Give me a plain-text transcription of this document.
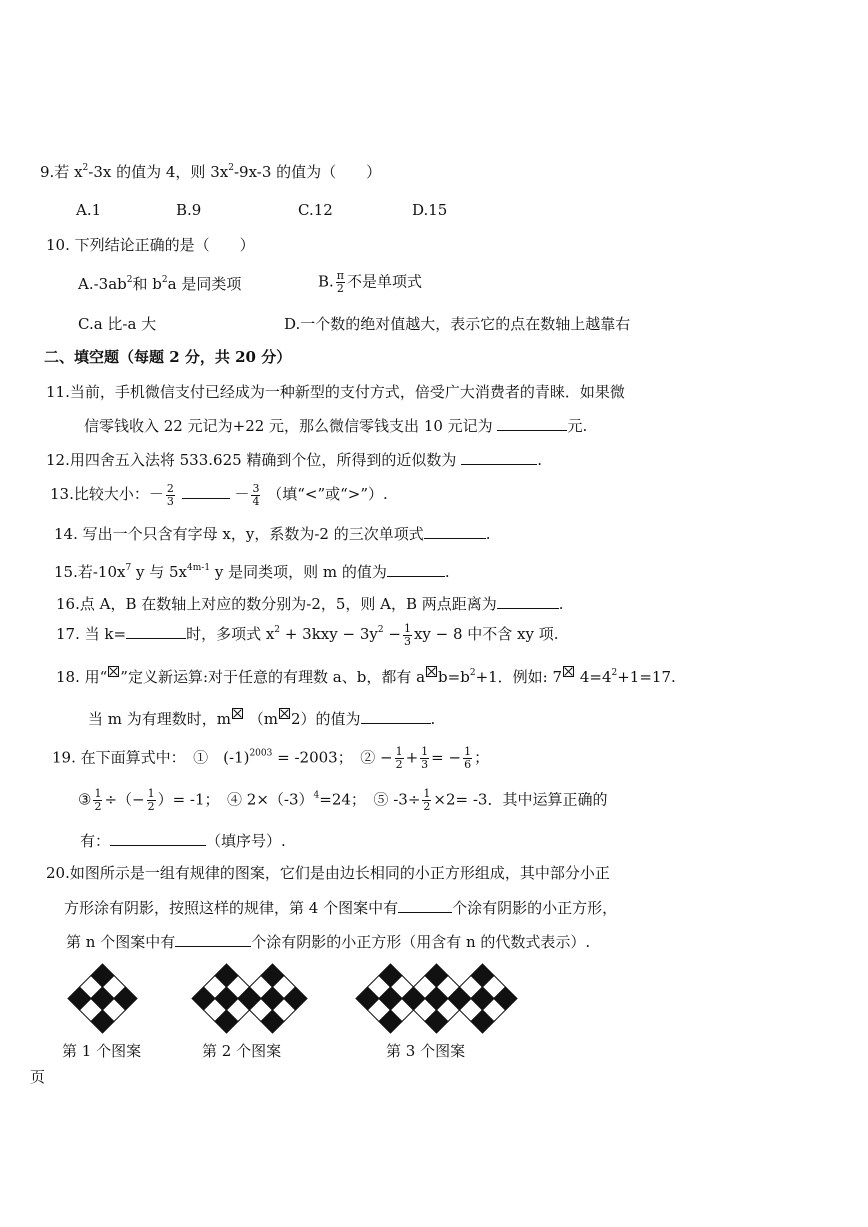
9.若 $x^2-3x$ 的值为 4，则 $3x^2-9x-3$ 的值为（　　）
A.1	B.9	C.12	D.15
10. 下列结论正确的是（　　）
$A.-3ab^2$和 $b^2a$ 是同类项	B. $\frac{\pi}{2}$ 不是单项式
C.a 比-a 大	D.一个数的绝对值越大，表示它的点在数轴上越靠右
二、填空题（每题 2 分，共 20 分）
11.当前，手机微信支付已经成为一种新型的支付方式，倍受广大消费者的青睐．如果微
信零钱收入 22 元记为+22 元，那么微信零钱支出 10 元记为	元.
12.用四舍五入法将 533.625 精确到个位，所得到的近似数为	.
13.比较大小：－ $\frac{2}{3}$	－ $\frac{3}{4}$ （填“<”或“>”）.
14. 写出一个只含有字母 x，y，系数为-2 的三次单项式	.
15.若$-10x^7$ y 与 $5x^{4m-1}$ y 是同类项，则 m 的值为	.
16.点 A，B 在数轴上对应的数分别为-2，5，则 A，B 两点距离为	.
17. 当 k=	时，多项式 $x^2 + 3kxy - 3y^2 - \frac{1}{3}$ xy − 8 中不含 xy 项.
18. 用“ ”定义新运算:对于任意的有理数 a、b，都有 a $b=b^2+1$．例如: 7 $4=4^2+1=17$.
当 m 为有理数时，m （m 2）的值为	.
19. 在下面算式中：　①　$(-1)^{2003} = -2003$；　② − $\frac{1}{2} + \frac{1}{3}$ = − $\frac{1}{6}$ ；
③ $\frac{1}{2}$ ÷（− $\frac{1}{2}$ ）= -1；　④ $2\times(-3)^4=24$；　⑤ $-3\div \frac{1}{2} \times 2= -3$．其中运算正确的
有：	（填序号）.
20.如图所示是一组有规律的图案，它们是由边长相同的小正方形组成，其中部分小正
方形涂有阴影，按照这样的规律，第 4 个图案中有	个涂有阴影的小正方形，
第 n 个图案中有	个涂有阴影的小正方形（用含有 n 的代数式表示）.
第 1 个图案	第 2 个图案	第 3 个图案
页
